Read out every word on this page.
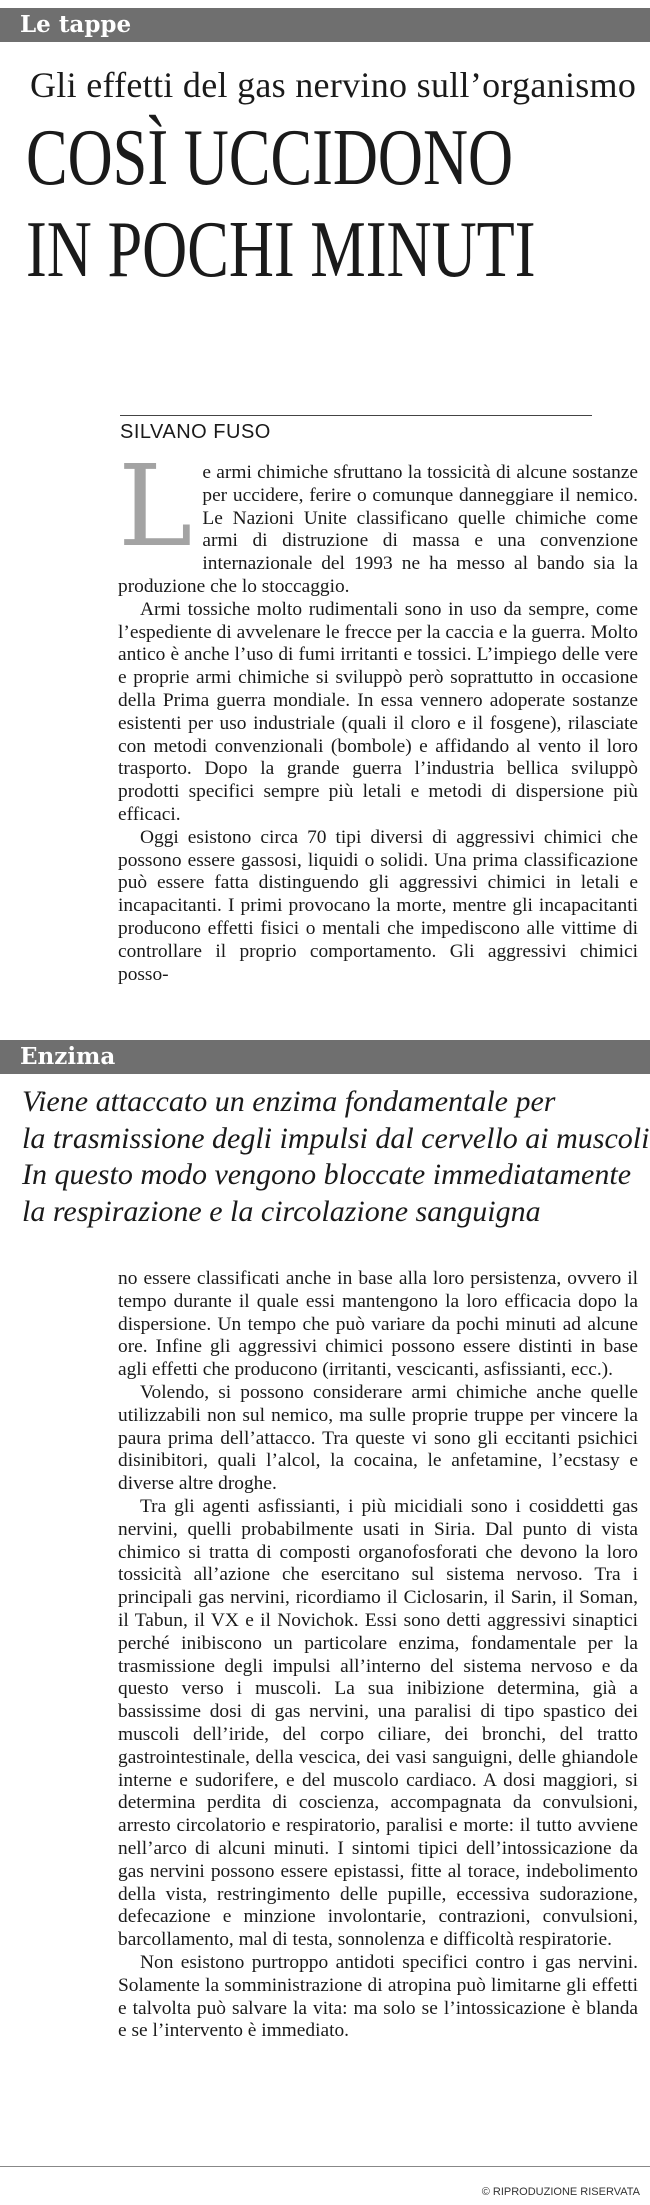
Le tappe
Gli effetti del gas nervino sull’organismo
COSÌ UCCIDONO
IN POCHI MINUTI
SILVANO FUSO

Le armi chimiche sfruttano la tossicità di alcune sostanze per uccidere, ferire o comunque danneggiare il nemico. Le Nazioni Unite classificano quelle chimiche come armi di distruzione di massa e una convenzione internazionale del 1993 ne ha messo al bando sia la produzione che lo stoccaggio.

Armi tossiche molto rudimentali sono in uso da sempre, come l’espediente di avvelenare le frecce per la caccia e la guerra. Molto antico è anche l’uso di fumi irritanti e tossici. L’impiego delle vere e proprie armi chimiche si sviluppò però soprattutto in occasione della Prima guerra mondiale. In essa vennero adoperate sostanze esistenti per uso industriale (quali il cloro e il fosgene), rilasciate con metodi convenzionali (bombole) e affidando al vento il loro trasporto. Dopo la grande guerra l’industria bellica sviluppò prodotti specifici sempre più letali e metodi di dispersione più efficaci.

Oggi esistono circa 70 tipi diversi di aggressivi chimici che possono essere gassosi, liquidi o solidi. Una prima classificazione può essere fatta distinguendo gli aggressivi chimici in letali e incapacitanti. I primi provocano la morte, mentre gli incapacitanti producono effetti fisici o mentali che impediscono alle vittime di controllare il proprio comportamento. Gli aggressivi chimici posso-

Enzima
Viene attaccato un enzima fondamentale per
la trasmissione degli impulsi dal cervello ai muscoli
In questo modo vengono bloccate immediatamente
la respirazione e la circolazione sanguigna

no essere classificati anche in base alla loro persistenza, ovvero il tempo durante il quale essi mantengono la loro efficacia dopo la dispersione. Un tempo che può variare da pochi minuti ad alcune ore. Infine gli aggressivi chimici possono essere distinti in base agli effetti che producono (irritanti, vescicanti, asfissianti, ecc.).

Volendo, si possono considerare armi chimiche anche quelle utilizzabili non sul nemico, ma sulle proprie truppe per vincere la paura prima dell’attacco. Tra queste vi sono gli eccitanti psichici disinibitori, quali l’alcol, la cocaina, le anfetamine, l’ecstasy e diverse altre droghe.

Tra gli agenti asfissianti, i più micidiali sono i cosiddetti gas nervini, quelli probabilmente usati in Siria. Dal punto di vista chimico si tratta di composti organofosforati che devono la loro tossicità all’azione che esercitano sul sistema nervoso. Tra i principali gas nervini, ricordiamo il Ciclosarin, il Sarin, il Soman, il Tabun, il VX e il Novichok. Essi sono detti aggressivi sinaptici perché inibiscono un particolare enzima, fondamentale per la trasmissione degli impulsi all’interno del sistema nervoso e da questo verso i muscoli. La sua inibizione determina, già a bassissime dosi di gas nervini, una paralisi di tipo spastico dei muscoli dell’iride, del corpo ciliare, dei bronchi, del tratto gastrointestinale, della vescica, dei vasi sanguigni, delle ghiandole interne e sudorifere, e del muscolo cardiaco. A dosi maggiori, si determina perdita di coscienza, accompagnata da convulsioni, arresto circolatorio e respiratorio, paralisi e morte: il tutto avviene nell’arco di alcuni minuti. I sintomi tipici dell’intossicazione da gas nervini possono essere epistassi, fitte al torace, indebolimento della vista, restringimento delle pupille, eccessiva sudorazione, defecazione e minzione involontarie, contrazioni, convulsioni, barcollamento, mal di testa, sonnolenza e difficoltà respiratorie.

Non esistono purtroppo antidoti specifici contro i gas nervini. Solamente la somministrazione di atropina può limitarne gli effetti e talvolta può salvare la vita: ma solo se l’intossicazione è blanda e se l’intervento è immediato.

© RIPRODUZIONE RISERVATA
